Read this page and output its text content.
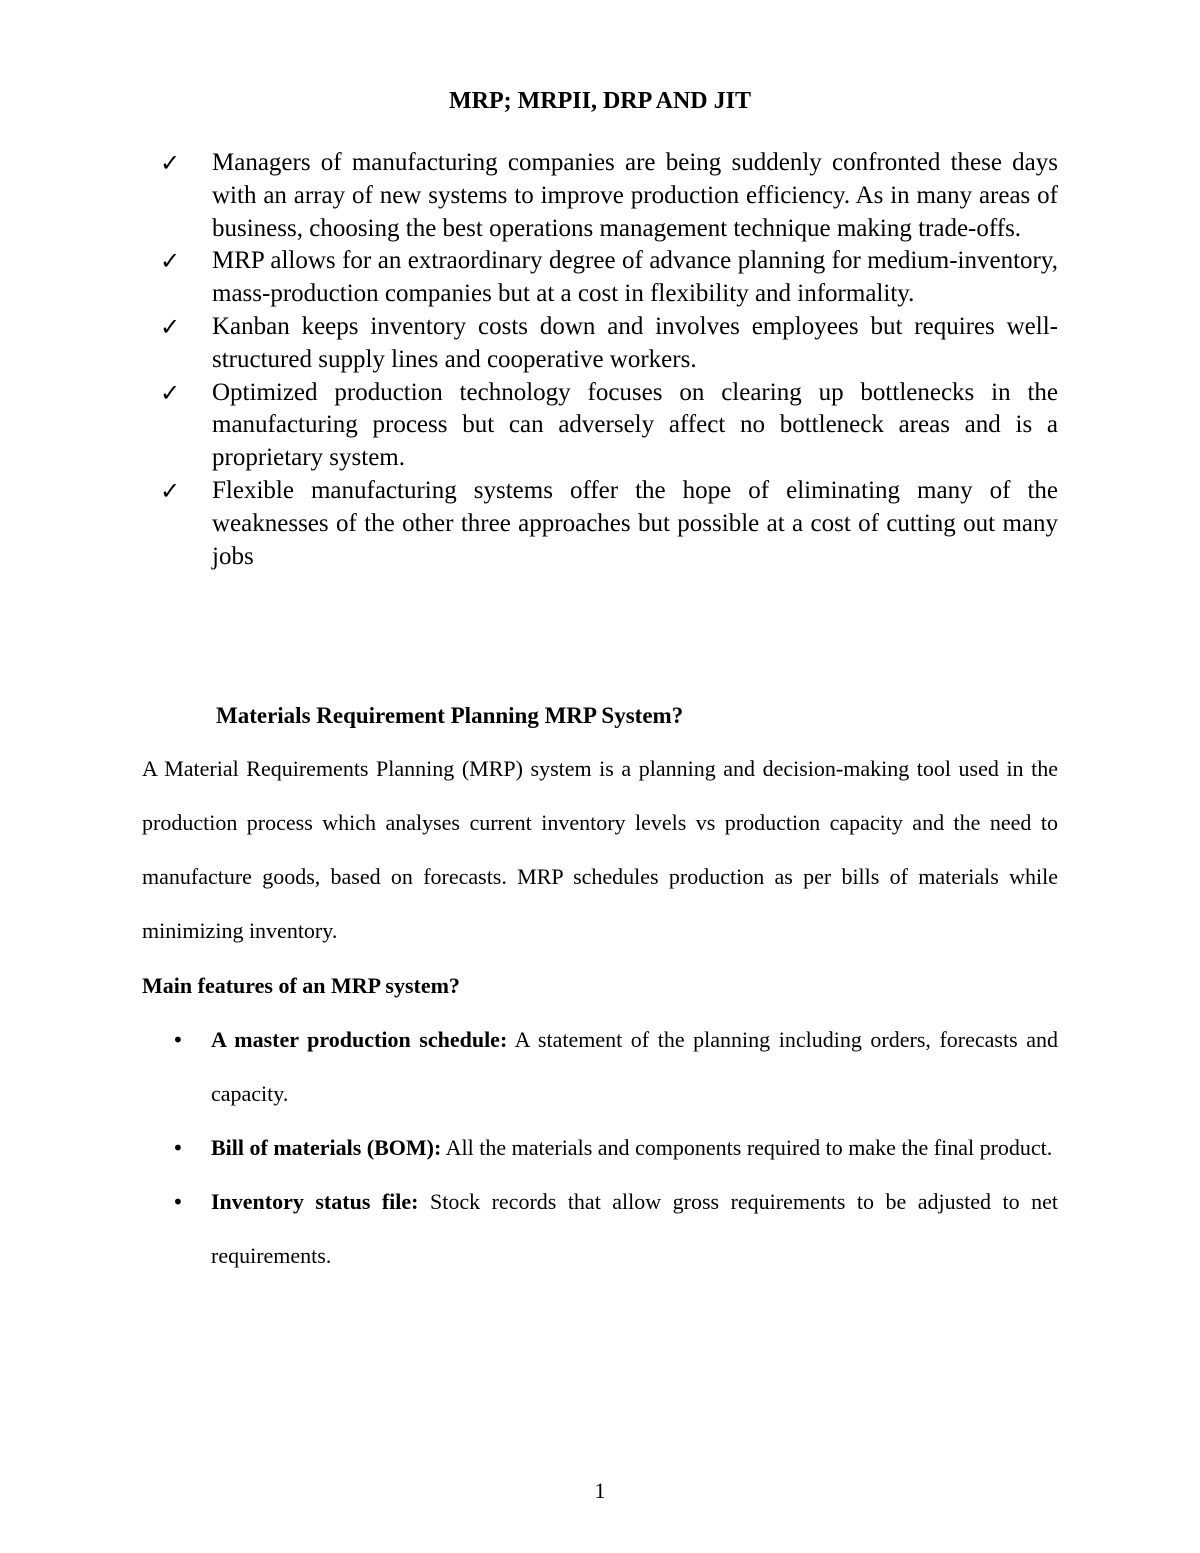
MRP; MRPII, DRP AND JIT
✓	Managers of manufacturing companies are being suddenly confronted these days with an array of new systems to improve production efficiency. As in many areas of business, choosing the best operations management technique making trade-offs.
✓	MRP allows for an extraordinary degree of advance planning for medium-inventory, mass-production companies but at a cost in flexibility and informality.
✓	Kanban keeps inventory costs down and involves employees but requires well-structured supply lines and cooperative workers.
✓	Optimized production technology focuses on clearing up bottlenecks in the manufacturing process but can adversely affect no bottleneck areas and is a proprietary system.
✓	Flexible manufacturing systems offer the hope of eliminating many of the weaknesses of the other three approaches but possible at a cost of cutting out many jobs
Materials Requirement Planning MRP System?

A Material Requirements Planning (MRP) system is a planning and decision-making tool used in the production process which analyses current inventory levels vs production capacity and the need to manufacture goods, based on forecasts. MRP schedules production as per bills of materials while minimizing inventory.

Main features of an MRP system?
• A master production schedule: A statement of the planning including orders, forecasts and capacity.
• Bill of materials (BOM): All the materials and components required to make the final product.
• Inventory status file: Stock records that allow gross requirements to be adjusted to net requirements.
1
